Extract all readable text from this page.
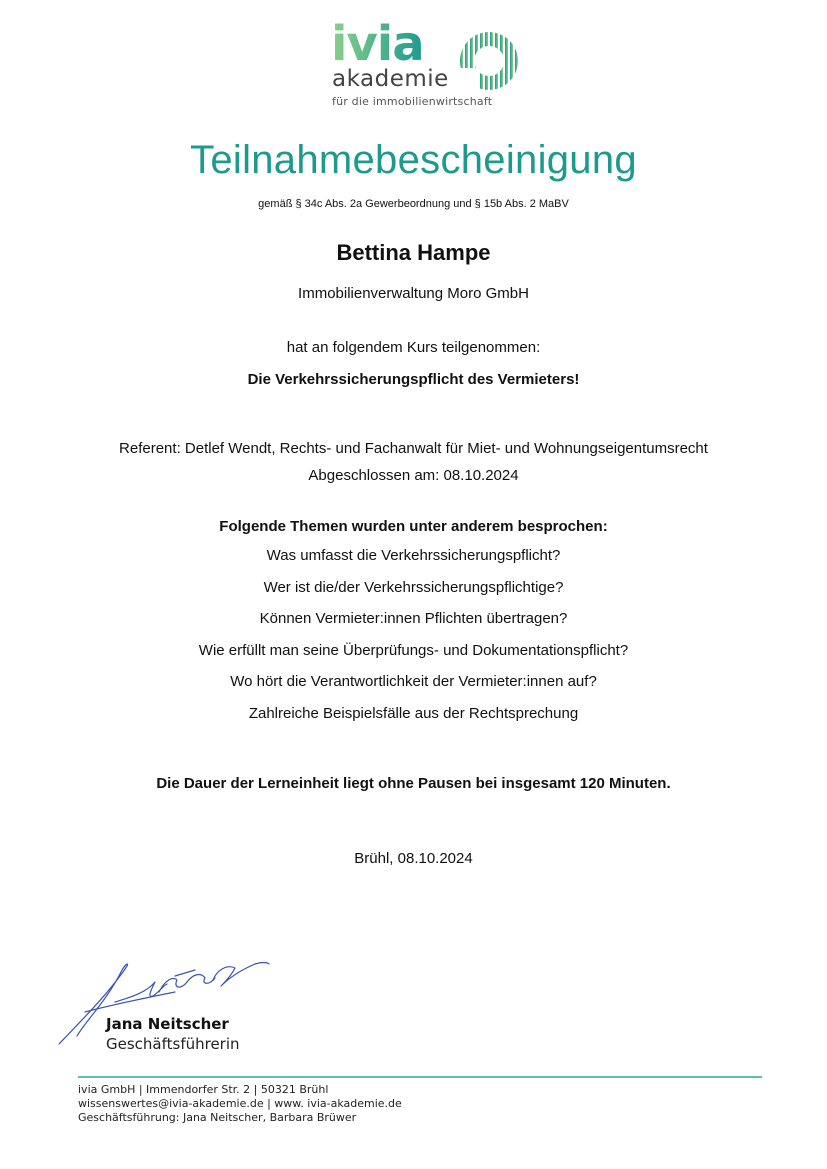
ivia
akademie
für die immobilienwirtschaft
Teilnahmebescheinigung
gemäß § 34c Abs. 2a Gewerbeordnung und § 15b Abs. 2 MaBV
Bettina Hampe
Immobilienverwaltung Moro GmbH
hat an folgendem Kurs teilgenommen:
Die Verkehrssicherungspflicht des Vermieters!
Referent: Detlef Wendt, Rechts- und Fachanwalt für Miet- und Wohnungseigentumsrecht
Abgeschlossen am: 08.10.2024
Folgende Themen wurden unter anderem besprochen:
Was umfasst die Verkehrssicherungspflicht?
Wer ist die/der Verkehrssicherungspflichtige?
Können Vermieter:innen Pflichten übertragen?
Wie erfüllt man seine Überprüfungs- und Dokumentationspflicht?
Wo hört die Verantwortlichkeit der Vermieter:innen auf?
Zahlreiche Beispielsfälle aus der Rechtsprechung
Die Dauer der Lerneinheit liegt ohne Pausen bei insgesamt 120 Minuten.
Brühl, 08.10.2024
Jana Neitscher
Geschäftsführerin
ivia GmbH | Immendorfer Str. 2 | 50321 Brühl
wissenswertes@ivia-akademie.de | www. ivia-akademie.de
Geschäftsführung: Jana Neitscher, Barbara Brüwer
